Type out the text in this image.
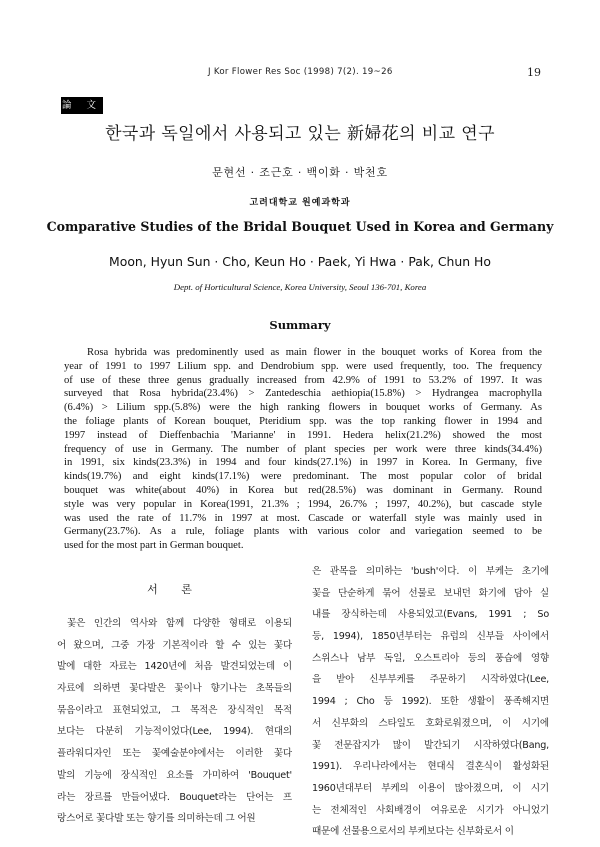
J Kor Flower Res Soc (1998) 7(2). 19~26	19
論 文
한국과 독일에서 사용되고 있는 新婦花의 비교 연구
문현선 · 조근호 · 백이화 · 박천호
고려대학교 원예과학과
Comparative Studies of the Bridal Bouquet Used in Korea and Germany
Moon, Hyun Sun · Cho, Keun Ho · Paek, Yi Hwa · Pak, Chun Ho
Dept. of Horticultural Science, Korea University, Seoul 136-701, Korea
Summary
Rosa hybrida was predominently used as main flower in the bouquet works of Korea from the
year of 1991 to 1997 Lilium spp. and Dendrobium spp. were used frequently, too. The frequency
of use of these three genus gradually increased from 42.9% of 1991 to 53.2% of 1997. It was
surveyed that Rosa hybrida(23.4%) > Zantedeschia aethiopia(15.8%) > Hydrangea macrophylla
(6.4%) > Lilium spp.(5.8%) were the high ranking flowers in bouquet works of Germany. As
the foliage plants of Korean bouquet, Pteridium spp. was the top ranking flower in 1994 and
1997 instead of Dieffenbachia 'Marianne' in 1991. Hedera helix(21.2%) showed the most
frequency of use in Germany. The number of plant species per work were three kinds(34.4%)
in 1991, six kinds(23.3%) in 1994 and four kinds(27.1%) in 1997 in Korea. In Germany, five
kinds(19.7%) and eight kinds(17.1%) were predominant. The most popular color of bridal
bouquet was white(about 40%) in Korea but red(28.5%) was dominant in Germany. Round
style was very popular in Korea(1991, 21.3% ; 1994, 26.7% ; 1997, 40.2%), but cascade style
was used the rate of 11.7% in 1997 at most. Cascade or waterfall style was mainly used in
Germany(23.7%). As a rule, foliage plants with various color and variegation seemed to be
used for the most part in German bouquet.
서 론
꽃은 인간의 역사와 함께 다양한 형태로 이용되
어 왔으며, 그중 가장 기본적이라 할 수 있는 꽃다
발에 대한 자료는 1420년에 처음 발견되었는데 이
자료에 의하면 꽃다발은 꽃이나 향기나는 초목들의
묶음이라고 표현되었고, 그 목적은 장식적인 목적
보다는 다분히 기능적이었다(Lee, 1994). 현대의
플라워디자인 또는 꽃예술분야에서는 이러한 꽃다
발의 기능에 장식적인 요소를 가미하여 'Bouquet'
라는 장르를 만들어냈다. Bouquet라는 단어는 프
랑스어로 꽃다발 또는 향기를 의미하는데 그 어원
은 관목을 의미하는 'bush'이다. 이 부케는 초기에
꽃을 단순하게 묶어 선물로 보내던 화기에 담아 실
내를 장식하는데 사용되었고(Evans, 1991 ; So
등, 1994), 1850년부터는 유럽의 신부들 사이에서
스위스나 남부 독일, 오스트리아 등의 풍습에 영향
을 받아 신부부케를 주문하기 시작하였다(Lee,
1994 ; Cho 등 1992). 또한 생활이 풍족해지면
서 신부화의 스타일도 호화로워졌으며, 이 시기에
꽃 전문잡지가 많이 발간되기 시작하였다(Bang,
1991). 우리나라에서는 현대식 결혼식이 활성화된
1960년대부터 부케의 이용이 많아졌으며, 이 시기
는 전체적인 사회배경이 여유로운 시기가 아니었기
때문에 선물용으로서의 부케보다는 신부화로서 이
